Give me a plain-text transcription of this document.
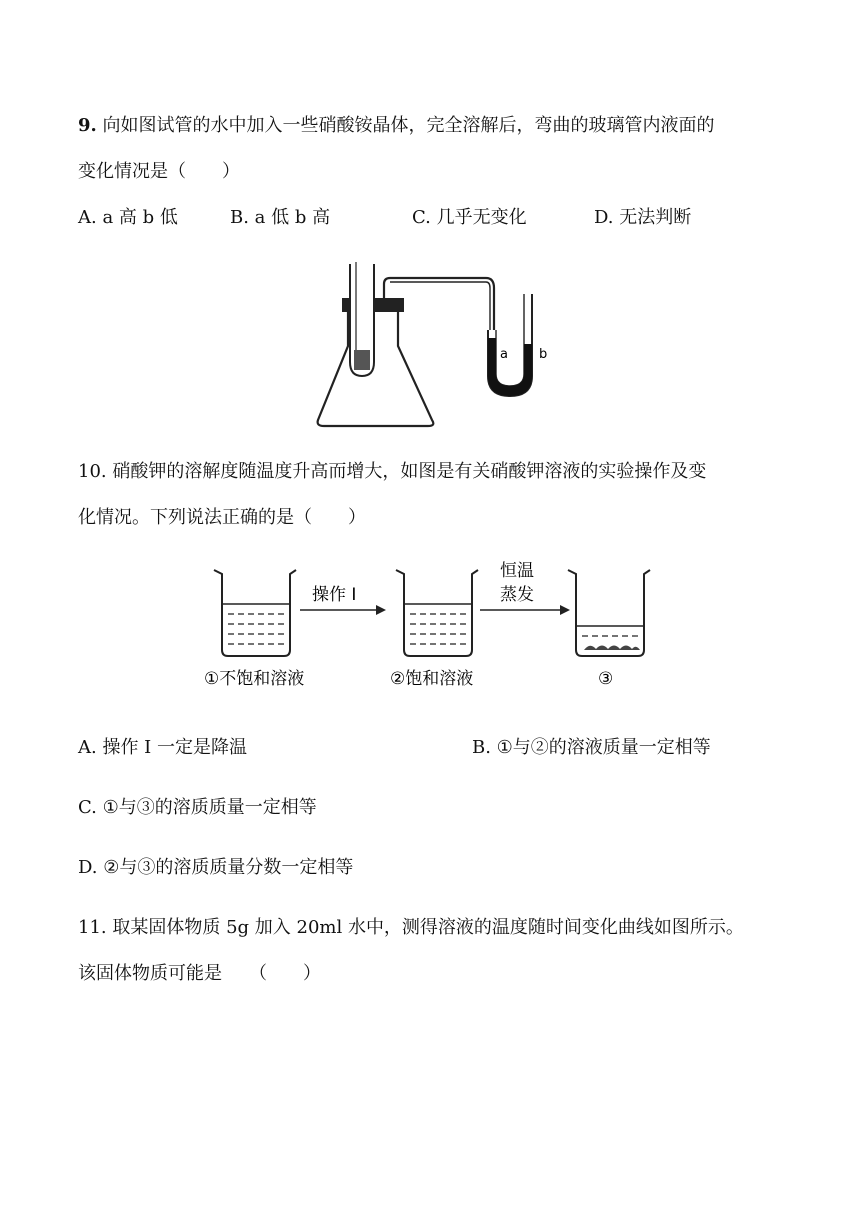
9. 向如图试管的水中加入一些硝酸铵晶体，完全溶解后，弯曲的玻璃管内液面的
变化情况是（　　）
A. a 高 b 低	B. a 低 b 高	C. 几乎无变化	D. 无法判断
a b
10. 硝酸钾的溶解度随温度升高而增大，如图是有关硝酸钾溶液的实验操作及变
化情况。下列说法正确的是（　　）
操作 I
恒温
蒸发
①不饱和溶液	②饱和溶液	③
A. 操作 I 一定是降温	B. ①与②的溶液质量一定相等
C. ①与③的溶质质量一定相等
D. ②与③的溶质质量分数一定相等
11. 取某固体物质 5g 加入 20ml 水中，测得溶液的温度随时间变化曲线如图所示。
该固体物质可能是　　（　　）
